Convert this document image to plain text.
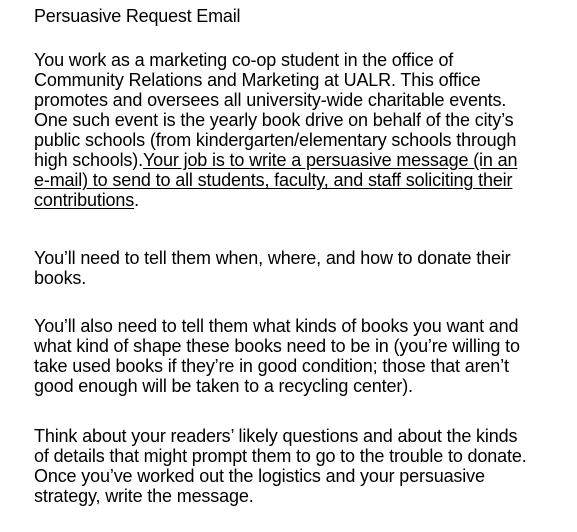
Persuasive Request Email
You work as a marketing co-op student in the office of
Community Relations and Marketing at UALR. This office
promotes and oversees all university-wide charitable events.
One such event is the yearly book drive on behalf of the city’s
public schools (from kindergarten/elementary schools through
high schools).Your job is to write a persuasive message (in an
e-mail) to send to all students, faculty, and staff soliciting their
contributions.
You’ll need to tell them when, where, and how to donate their
books.
You’ll also need to tell them what kinds of books you want and
what kind of shape these books need to be in (you’re willing to
take used books if they’re in good condition; those that aren’t
good enough will be taken to a recycling center).
Think about your readers’ likely questions and about the kinds
of details that might prompt them to go to the trouble to donate.
Once you’ve worked out the logistics and your persuasive
strategy, write the message.
